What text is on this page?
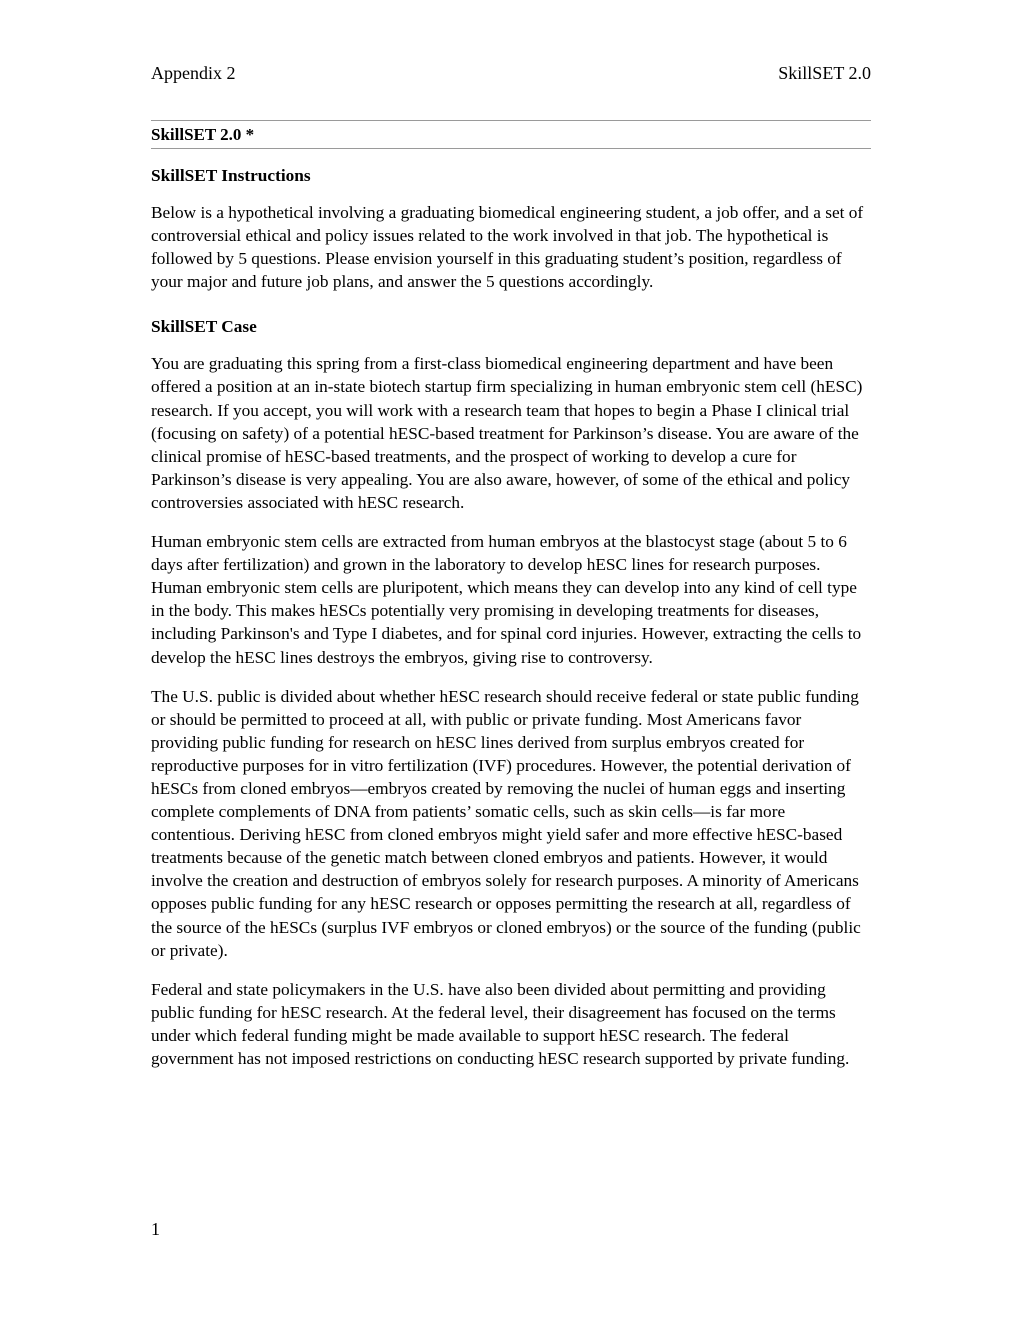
Appendix 2	SkillSET 2.0
SkillSET 2.0 *
SkillSET Instructions

Below is a hypothetical involving a graduating biomedical engineering student, a job offer, and a set of controversial ethical and policy issues related to the work involved in that job. The hypothetical is followed by 5 questions. Please envision yourself in this graduating student’s position, regardless of your major and future job plans, and answer the 5 questions accordingly.

SkillSET Case

You are graduating this spring from a first-class biomedical engineering department and have been offered a position at an in-state biotech startup firm specializing in human embryonic stem cell (hESC) research. If you accept, you will work with a research team that hopes to begin a Phase I clinical trial (focusing on safety) of a potential hESC-based treatment for Parkinson’s disease. You are aware of the clinical promise of hESC-based treatments, and the prospect of working to develop a cure for Parkinson’s disease is very appealing. You are also aware, however, of some of the ethical and policy controversies associated with hESC research.

Human embryonic stem cells are extracted from human embryos at the blastocyst stage (about 5 to 6 days after fertilization) and grown in the laboratory to develop hESC lines for research purposes. Human embryonic stem cells are pluripotent, which means they can develop into any kind of cell type in the body. This makes hESCs potentially very promising in developing treatments for diseases, including Parkinson's and Type I diabetes, and for spinal cord injuries. However, extracting the cells to develop the hESC lines destroys the embryos, giving rise to controversy.

The U.S. public is divided about whether hESC research should receive federal or state public funding or should be permitted to proceed at all, with public or private funding. Most Americans favor providing public funding for research on hESC lines derived from surplus embryos created for reproductive purposes for in vitro fertilization (IVF) procedures. However, the potential derivation of hESCs from cloned embryos—embryos created by removing the nuclei of human eggs and inserting complete complements of DNA from patients’ somatic cells, such as skin cells—is far more contentious. Deriving hESC from cloned embryos might yield safer and more effective hESC-based treatments because of the genetic match between cloned embryos and patients. However, it would involve the creation and destruction of embryos solely for research purposes. A minority of Americans opposes public funding for any hESC research or opposes permitting the research at all, regardless of the source of the hESCs (surplus IVF embryos or cloned embryos) or the source of the funding (public or private).

Federal and state policymakers in the U.S. have also been divided about permitting and providing public funding for hESC research. At the federal level, their disagreement has focused on the terms under which federal funding might be made available to support hESC research. The federal government has not imposed restrictions on conducting hESC research supported by private funding.

1
